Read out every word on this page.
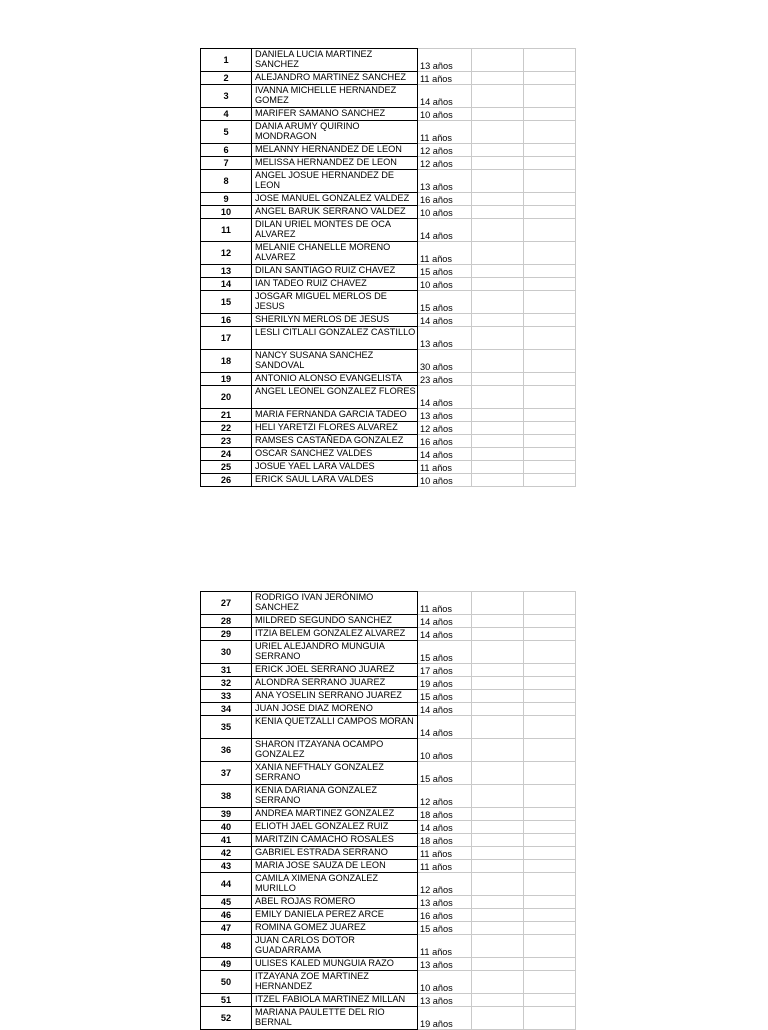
1	DANIELA LUCIA MARTINEZ SANCHEZ	13 años		
2	ALEJANDRO MARTINEZ SANCHEZ	11 años		
3	IVANNA MICHELLE HERNANDEZ GOMEZ	14 años		
4	MARIFER SAMANO SANCHEZ	10 años		
5	DANIA ARUMY QUIRINO MONDRAGON	11 años		
6	MELANNY HERNANDEZ DE LEON	12 años		
7	MELISSA HERNANDEZ DE LEON	12 años		
8	ANGEL JOSUE HERNANDEZ DE LEON	13 años		
9	JOSE MANUEL GONZALEZ VALDEZ	16 años		
10	ANGEL BARUK SERRANO VALDEZ	10 años		
11	DILAN URIEL MONTES DE OCA ALVAREZ	14 años		
12	MELANIE CHANELLE MORENO ALVAREZ	11 años		
13	DILAN SANTIAGO RUIZ CHAVEZ	15 años		
14	IAN TADEO RUIZ CHAVEZ	10 años		
15	JOSGAR MIGUEL MERLOS DE JESUS	15 años		
16	SHERILYN MERLOS DE JESUS	14 años		
17	LESLI CITLALI GONZALEZ CASTILLO	13 años		
18	NANCY SUSANA SANCHEZ SANDOVAL	30 años		
19	ANTONIO ALONSO EVANGELISTA	23 años		
20	ANGEL LEONEL GONZALEZ FLORES	14 años		
21	MARIA FERNANDA GARCIA TADEO	13 años		
22	HELI YARETZI FLORES ALVAREZ	12 años		
23	RAMSES CASTAÑEDA GONZALEZ	16 años		
24	OSCAR SANCHEZ VALDES	14 años		
25	JOSUE YAEL LARA VALDES	11 años		
26	ERICK SAUL LARA VALDES	10 años		
27	RODRIGO IVAN JERÓNIMO SANCHEZ	11 años		
28	MILDRED SEGUNDO SANCHEZ	14 años		
29	ITZIA BELEM GONZALEZ ALVAREZ	14 años		
30	URIEL ALEJANDRO MUNGUIA SERRANO	15 años		
31	ERICK JOEL SERRANO JUAREZ	17 años		
32	ALONDRA SERRANO JUAREZ	19 años		
33	ANA YOSELIN SERRANO JUAREZ	15 años		
34	JUAN JOSE DIAZ MORENO	14 años		
35	KENIA QUETZALLI CAMPOS MORAN	14 años		
36	SHARON ITZAYANA OCAMPO GONZALEZ	10 años		
37	XANIA NEFTHALY GONZALEZ SERRANO	15 años		
38	KENIA DARIANA GONZALEZ SERRANO	12 años		
39	ANDREA MARTINEZ GONZALEZ	18 años		
40	ELIOTH JAEL GONZALEZ RUIZ	14 años		
41	MARITZIN CAMACHO ROSALES	18 años		
42	GABRIEL ESTRADA SERRANO	11 años		
43	MARIA JOSE SAUZA DE LEON	11 años		
44	CAMILA XIMENA GONZALEZ MURILLO	12 años		
45	ABEL ROJAS ROMERO	13 años		
46	EMILY DANIELA PEREZ ARCE	16 años		
47	ROMINA GOMEZ JUAREZ	15 años		
48	JUAN CARLOS DOTOR GUADARRAMA	11 años		
49	ULISES KALED MUNGUIA RAZO	13 años		
50	ITZAYANA ZOE MARTINEZ HERNANDEZ	10 años		
51	ITZEL FABIOLA MARTINEZ MILLAN	13 años		
52	MARIANA PAULETTE DEL RIO BERNAL	19 años		
